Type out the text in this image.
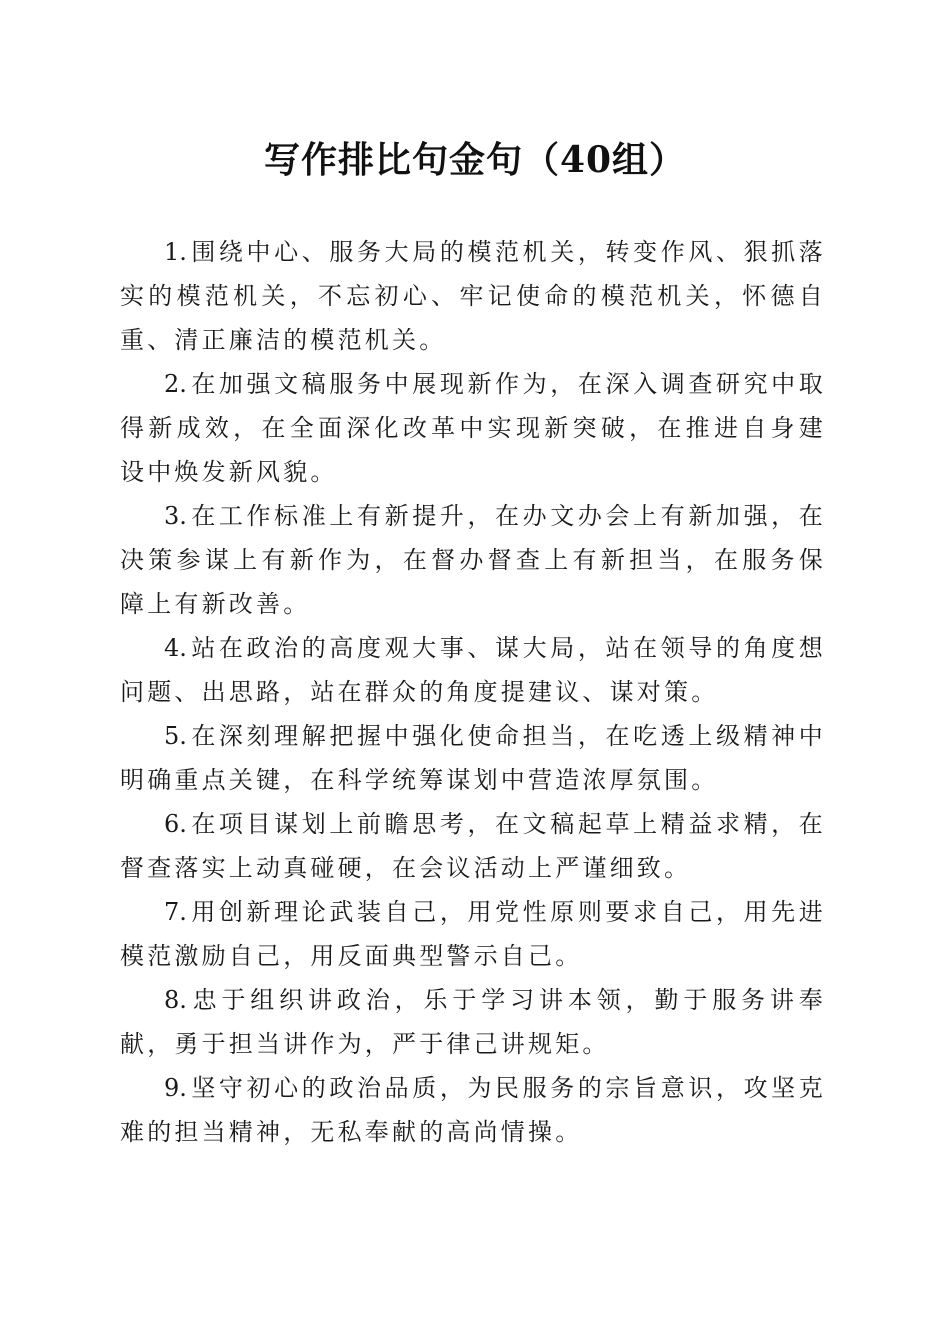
写作排比句金句（40组）

1. 围绕中心、服务大局的模范机关，转变作风、狠抓落实的模范机关，不忘初心、牢记使命的模范机关，怀德自重、清正廉洁的模范机关。

2. 在加强文稿服务中展现新作为，在深入调查研究中取得新成效，在全面深化改革中实现新突破，在推进自身建设中焕发新风貌。

3. 在工作标准上有新提升，在办文办会上有新加强，在决策参谋上有新作为，在督办督查上有新担当，在服务保障上有新改善。

4. 站在政治的高度观大事、谋大局，站在领导的角度想问题、出思路，站在群众的角度提建议、谋对策。

5. 在深刻理解把握中强化使命担当，在吃透上级精神中明确重点关键，在科学统筹谋划中营造浓厚氛围。

6. 在项目谋划上前瞻思考，在文稿起草上精益求精，在督查落实上动真碰硬，在会议活动上严谨细致。

7. 用创新理论武装自己，用党性原则要求自己，用先进模范激励自己，用反面典型警示自己。

8. 忠于组织讲政治，乐于学习讲本领，勤于服务讲奉献，勇于担当讲作为，严于律己讲规矩。

9. 坚守初心的政治品质，为民服务的宗旨意识，攻坚克难的担当精神，无私奉献的高尚情操。
